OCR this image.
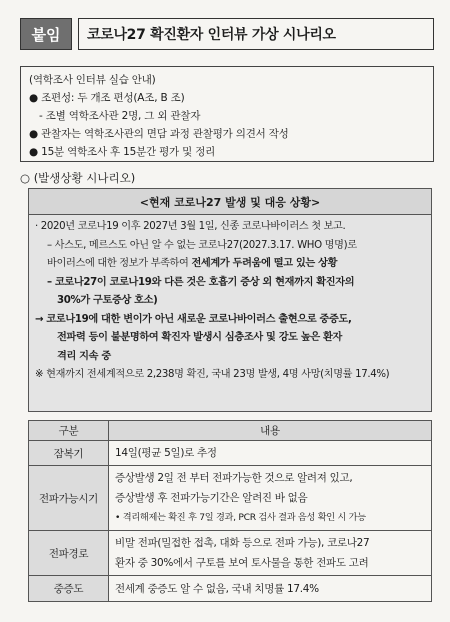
붙임	코로나27 확진환자 인터뷰 가상 시나리오
(역학조사 인터뷰 실습 안내)
● 조편성: 두 개조 편성(A조, B 조)
- 조별 역학조사관 2명, 그 외 관찰자
● 관찰자는 역학조사관의 면담 과정 관찰평가 의견서 작성
● 15분 역학조사 후 15분간 평가 및 정리
○ (발생상황 시나리오)
<현재 코로나27 발생 및 대응 상황>
· 2020년 코로나19 이후 2027년 3월 1일, 신종 코로나바이러스 첫 보고.
– 사스도, 메르스도 아닌 알 수 없는 코로나27(2027.3.17. WHO 명명)로
바이러스에 대한 정보가 부족하여 전세계가 두려움에 떨고 있는 상황
– 코로나27이 코로나19와 다른 것은 호흡기 증상 외 현재까지 확진자의
30%가 구토증상 호소)
→ 코로나19에 대한 변이가 아닌 새로운 코로나바이러스 출현으로 중증도,
전파력 등이 불분명하여 확진자 발생시 심층조사 및 강도 높은 환자
격리 지속 중
※ 현재까지 전세계적으로 2,238명 확진, 국내 23명 발생, 4명 사망(치명률 17.4%)
구분	내용
잠복기	14일(평균 5일)로 추정

전파가능시기	증상발생 2일 전 부터 전파가능한 것으로 알려져 있고,
증상발생 후 전파가능기간은 알려진 바 없음
• 격리해제는 확진 후 7일 경과, PCR 검사 결과 음성 확인 시 가능

전파경로	비말 전파(밀접한 접촉, 대화 등으로 전파 가능), 코로나27
환자 중 30%에서 구토를 보여 토사물을 통한 전파도 고려

중증도	전세계 중증도 알 수 없음, 국내 치명률 17.4%
